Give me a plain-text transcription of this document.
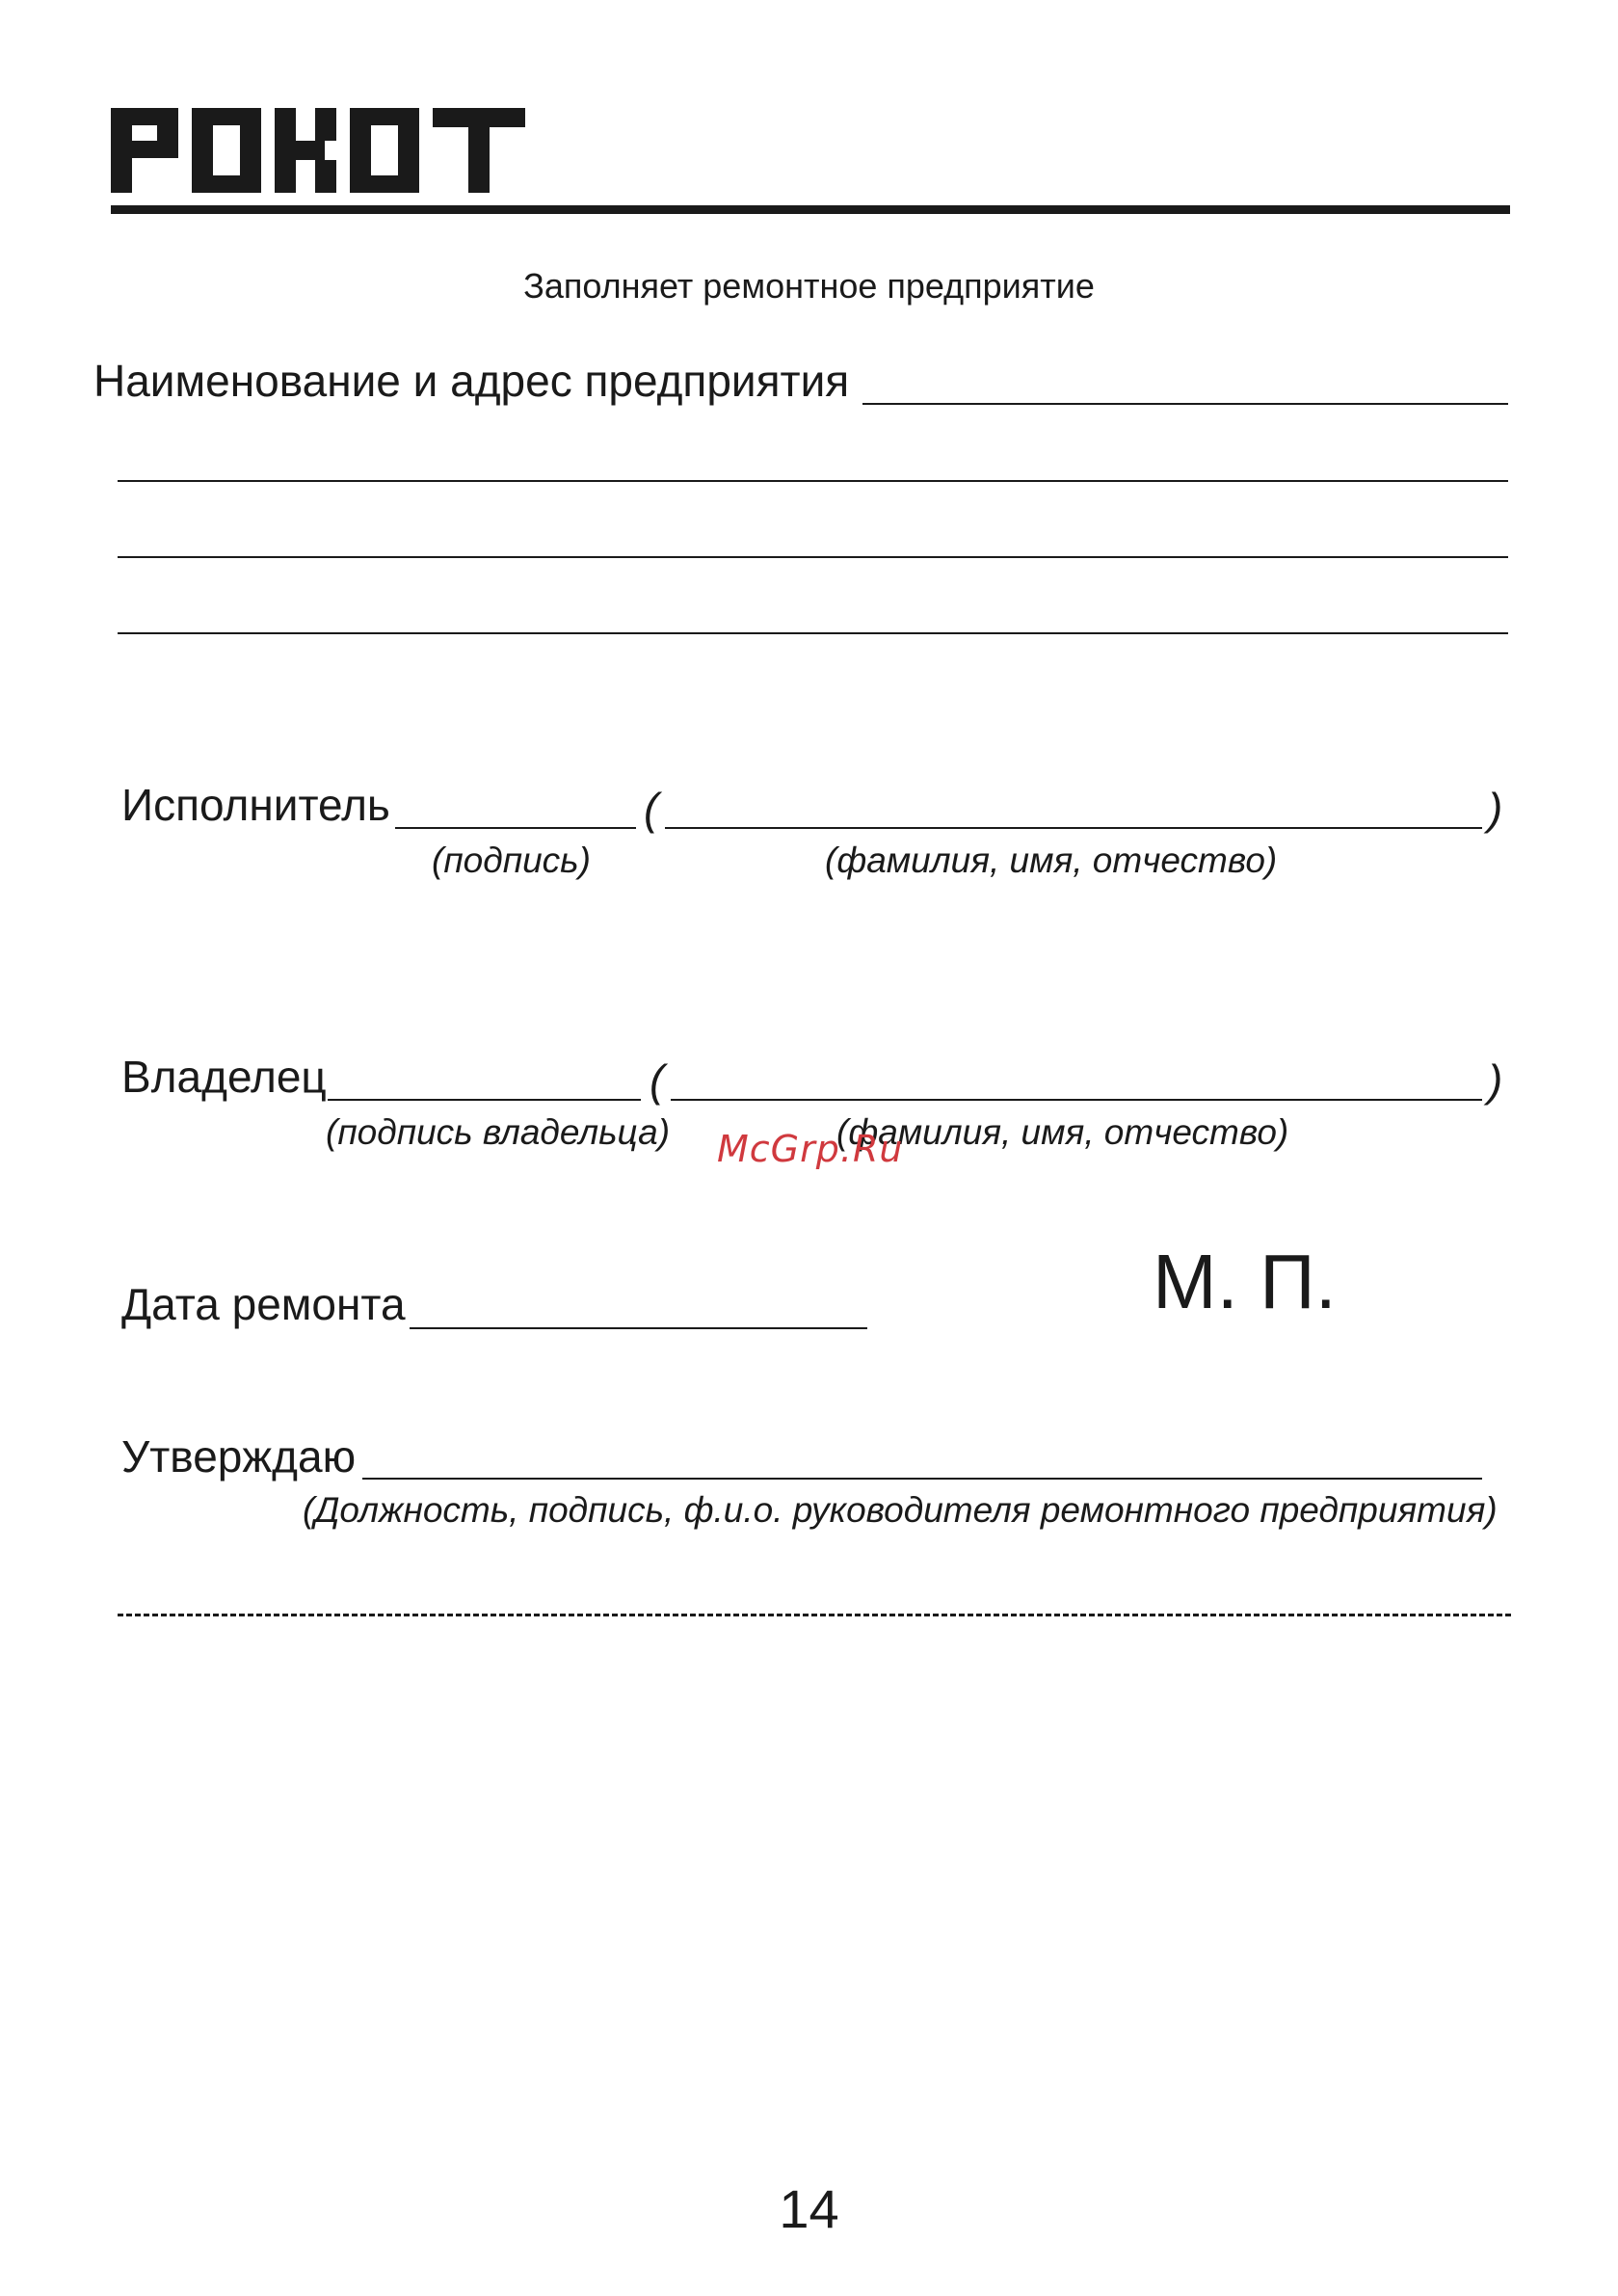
Заполняет ремонтное предприятие
Наименование и адрес предприятия
Исполнитель	(	)
(подпись)	(фамилия, имя, отчество)
Владелец	(	)
(подпись владельца)	(фамилия, имя, отчество)
McGrp.Ru
М. П.
Дата ремонта
Утверждаю
(Должность, подпись, ф.и.о. руководителя ремонтного предприятия)
14
